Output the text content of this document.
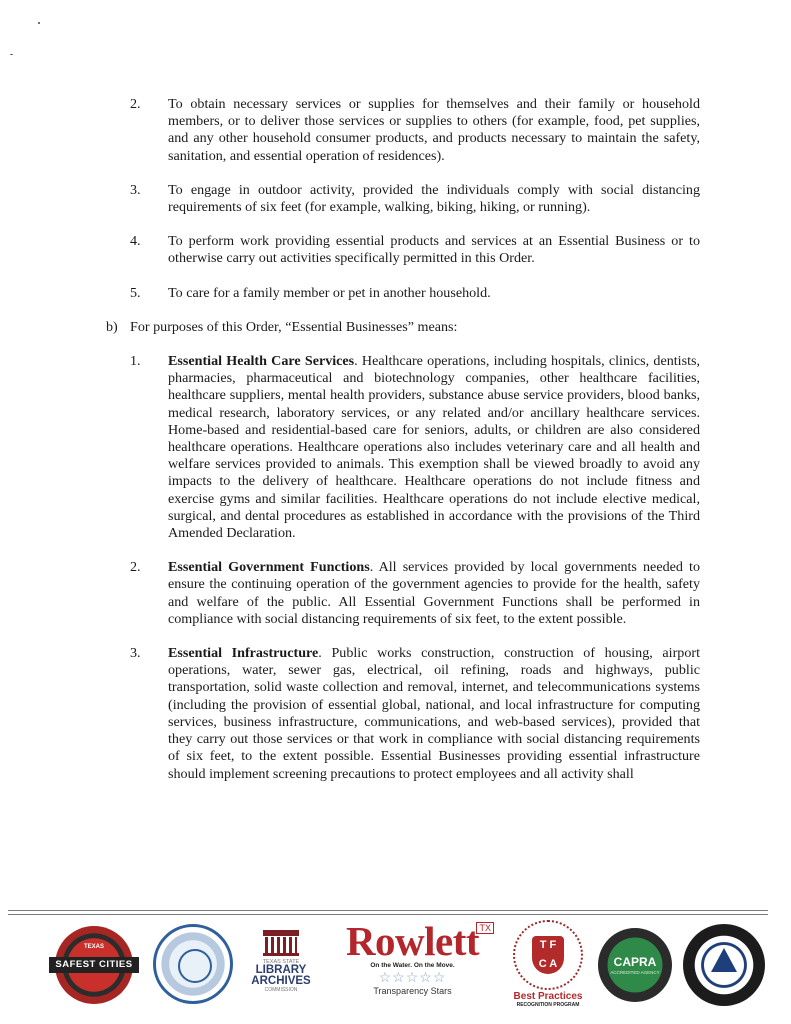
2. To obtain necessary services or supplies for themselves and their family or household members, or to deliver those services or supplies to others (for example, food, pet supplies, and any other household consumer products, and products necessary to maintain the safety, sanitation, and essential operation of residences).
3. To engage in outdoor activity, provided the individuals comply with social distancing requirements of six feet (for example, walking, biking, hiking, or running).
4. To perform work providing essential products and services at an Essential Business or to otherwise carry out activities specifically permitted in this Order.
5. To care for a family member or pet in another household.
b) For purposes of this Order, “Essential Businesses” means:
1. Essential Health Care Services. Healthcare operations, including hospitals, clinics, dentists, pharmacies, pharmaceutical and biotechnology companies, other healthcare facilities, healthcare suppliers, mental health providers, substance abuse service providers, blood banks, medical research, laboratory services, or any related and/or ancillary healthcare services. Home-based and residential-based care for seniors, adults, or children are also considered healthcare operations. Healthcare operations also includes veterinary care and all health and welfare services provided to animals. This exemption shall be viewed broadly to avoid any impacts to the delivery of healthcare. Healthcare operations do not include fitness and exercise gyms and similar facilities. Healthcare operations do not include elective medical, surgical, and dental procedures as established in accordance with the provisions of the Third Amended Declaration.
2. Essential Government Functions. All services provided by local governments needed to ensure the continuing operation of the government agencies to provide for the health, safety and welfare of the public. All Essential Government Functions shall be performed in compliance with social distancing requirements of six feet, to the extent possible.
3. Essential Infrastructure. Public works construction, construction of housing, airport operations, water, sewer gas, electrical, oil refining, roads and highways, public transportation, solid waste collection and removal, internet, and telecommunications systems (including the provision of essential global, national, and local infrastructure for computing services, business infrastructure, communications, and web-based services), provided that they carry out those services or that work in compliance with social distancing requirements of six feet, to the extent possible. Essential Businesses providing essential infrastructure should implement screening precautions to protect employees and all activity shall
TEXAS
SAFEST CITIES	TEXAS STATE
LIBRARY
ARCHIVES
COMMISSION
Rowlett TX
On the Water. On the Move.
☆☆☆☆☆
Transparency Stars
T F
C A
Best Practices
RECOGNITION PROGRAM
CAPRA
ACCREDITED AGENCY
